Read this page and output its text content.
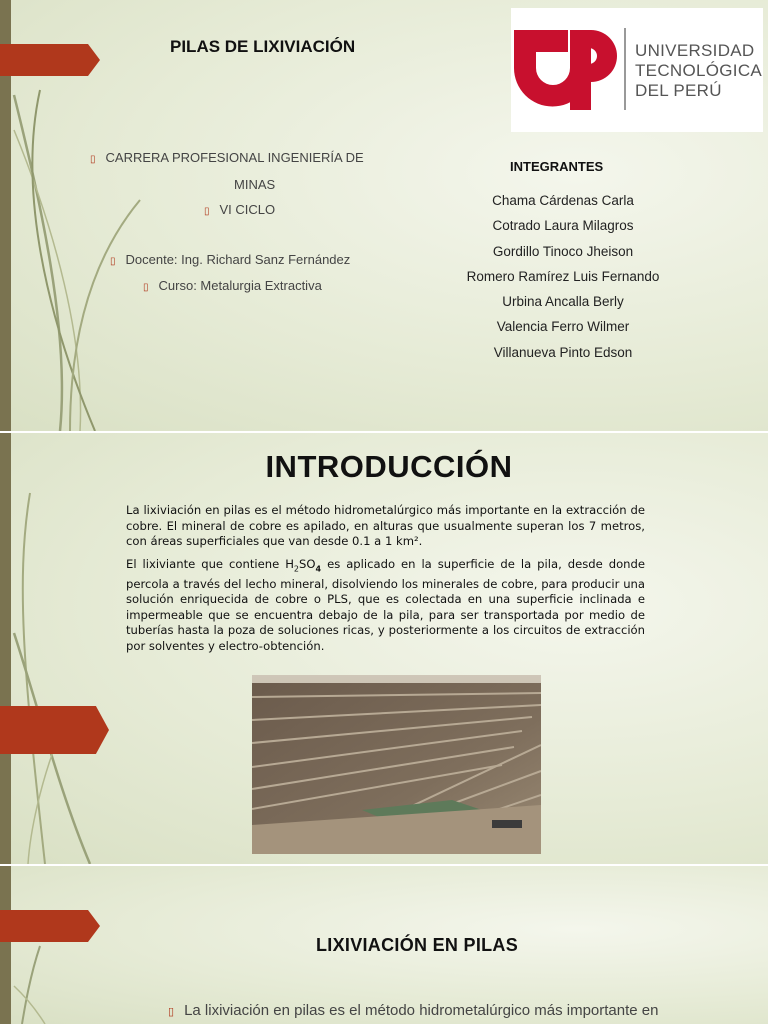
PILAS DE LIXIVIACIÓN	UNIVERSIDAD
TECNOLÓGICA
DEL PERÚ
▯ CARRERA PROFESIONAL INGENIERÍA DE
MINAS
▯ VI CICLO
▯ Docente: Ing. Richard Sanz Fernández
▯ Curso: Metalurgia Extractiva
INTEGRANTES
Chama Cárdenas Carla
Cotrado Laura Milagros
Gordillo Tinoco Jheison
Romero Ramírez Luis Fernando
Urbina Ancalla Berly
Valencia Ferro Wilmer
Villanueva Pinto Edson
INTRODUCCIÓN

La lixiviación en pilas es el método hidrometalúrgico más importante en la extracción de cobre. El mineral de cobre es apilado, en alturas que usualmente superan los 7 metros, con áreas superficiales que van desde 0.1 a 1 km².

El lixiviante que contiene $H_2SO_4$ es aplicado en la superficie de la pila, desde donde percola a través del lecho mineral, disolviendo los minerales de cobre, para producir una solución enriquecida de cobre o PLS, que es colectada en una superficie inclinada e impermeable que se encuentra debajo de la pila, para ser transportada por medio de tuberías hasta la poza de soluciones ricas, y posteriormente a los circuitos de extracción por solventes y electro-obtención.

LIXIVIACIÓN EN PILAS
▯ La lixiviación en pilas es el método hidrometalúrgico más importante en
